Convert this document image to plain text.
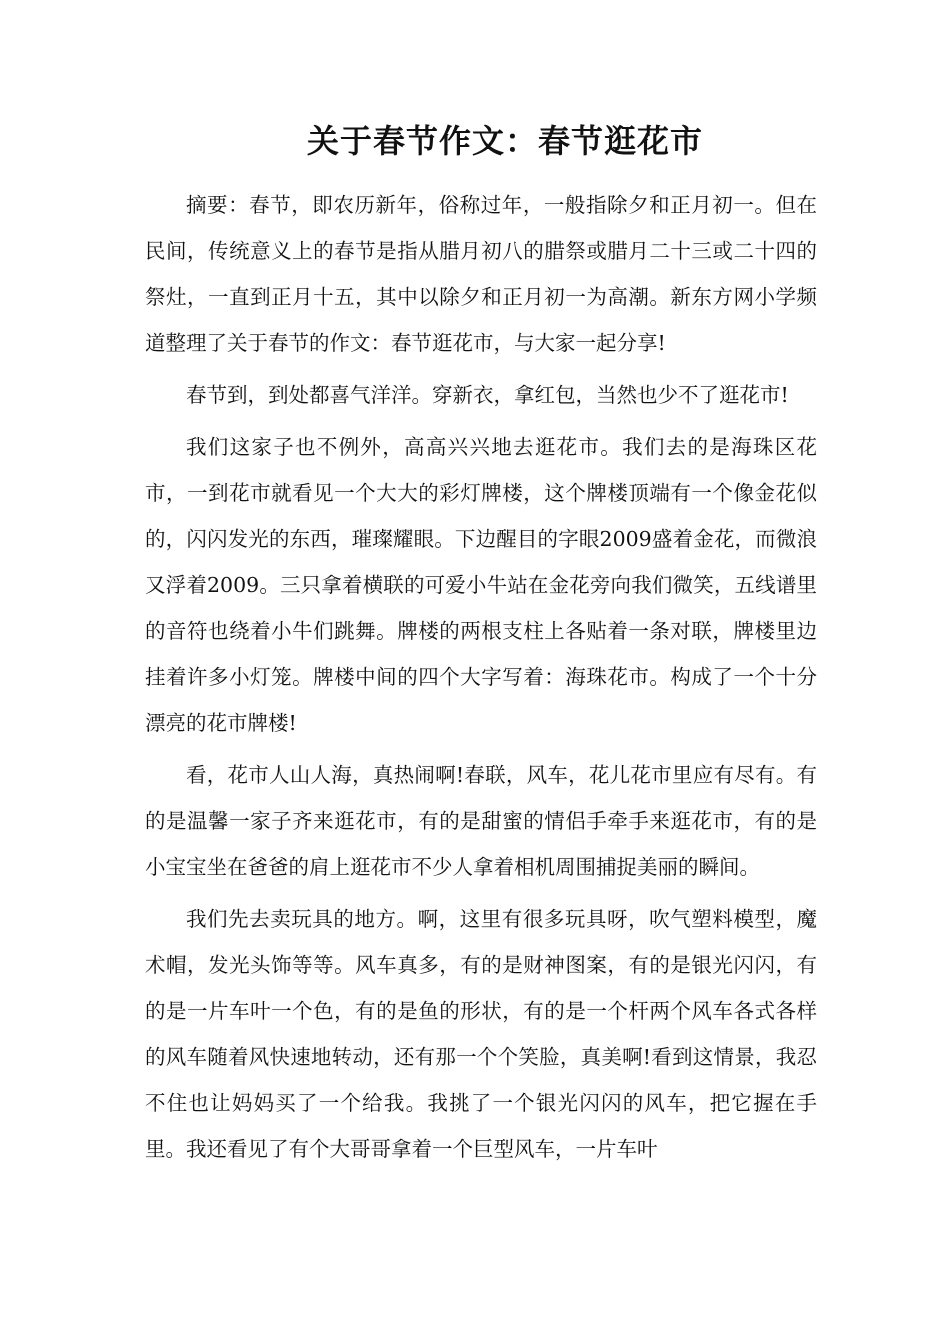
关于春节作文：春节逛花市

摘要：春节，即农历新年，俗称过年，一般指除夕和正月初一。但在民间，传统意义上的春节是指从腊月初八的腊祭或腊月二十三或二十四的祭灶，一直到正月十五，其中以除夕和正月初一为高潮。新东方网小学频道整理了关于春节的作文：春节逛花市，与大家一起分享!

春节到，到处都喜气洋洋。穿新衣，拿红包，当然也少不了逛花市!

我们这家子也不例外，高高兴兴地去逛花市。我们去的是海珠区花市，一到花市就看见一个大大的彩灯牌楼，这个牌楼顶端有一个像金花似的，闪闪发光的东西，璀璨耀眼。下边醒目的字眼2009盛着金花，而微浪又浮着2009。三只拿着横联的可爱小牛站在金花旁向我们微笑，五线谱里的音符也绕着小牛们跳舞。牌楼的两根支柱上各贴着一条对联，牌楼里边挂着许多小灯笼。牌楼中间的四个大字写着：海珠花市。构成了一个十分漂亮的花市牌楼!

看，花市人山人海，真热闹啊!春联，风车，花儿花市里应有尽有。有的是温馨一家子齐来逛花市，有的是甜蜜的情侣手牵手来逛花市，有的是小宝宝坐在爸爸的肩上逛花市不少人拿着相机周围捕捉美丽的瞬间。

我们先去卖玩具的地方。啊，这里有很多玩具呀，吹气塑料模型，魔术帽，发光头饰等等。风车真多，有的是财神图案，有的是银光闪闪，有的是一片车叶一个色，有的是鱼的形状，有的是一个杆两个风车各式各样的风车随着风快速地转动，还有那一个个笑脸，真美啊!看到这情景，我忍不住也让妈妈买了一个给我。我挑了一个银光闪闪的风车，把它握在手里。我还看见了有个大哥哥拿着一个巨型风车，一片车叶
